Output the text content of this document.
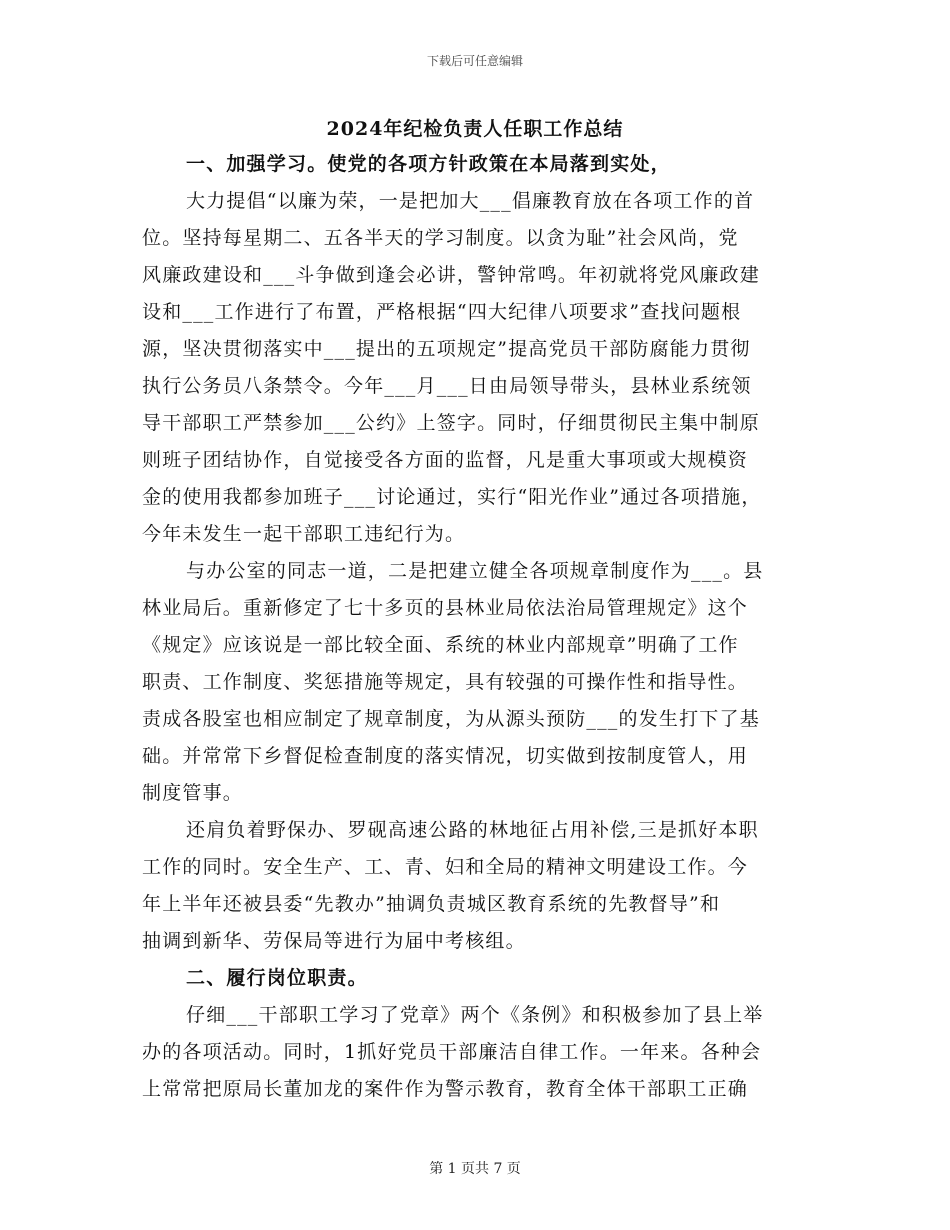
下载后可任意编辑
2024年纪检负责人任职工作总结
一、加强学习。使党的各项方针政策在本局落到实处，
大力提倡“以廉为荣，一是把加大___倡廉教育放在各项工作的首
位。坚持每星期二、五各半天的学习制度。以贪为耻”社会风尚，党
风廉政建设和___斗争做到逢会必讲，警钟常鸣。年初就将党风廉政建
设和___工作进行了布置，严格根据“四大纪律八项要求”查找问题根
源，坚决贯彻落实中___提出的五项规定”提高党员干部防腐能力贯彻
执行公务员八条禁令。今年___月___日由局领导带头，县林业系统领
导干部职工严禁参加___公约》上签字。同时，仔细贯彻民主集中制原
则班子团结协作，自觉接受各方面的监督，凡是重大事项或大规模资
金的使用我都参加班子___讨论通过，实行“阳光作业”通过各项措施，
今年未发生一起干部职工违纪行为。
与办公室的同志一道，二是把建立健全各项规章制度作为___。县
林业局后。重新修定了七十多页的县林业局依法治局管理规定》这个
《规定》应该说是一部比较全面、系统的林业内部规章”明确了工作
职责、工作制度、奖惩措施等规定，具有较强的可操作性和指导性。
责成各股室也相应制定了规章制度，为从源头预防___的发生打下了基
础。并常常下乡督促检查制度的落实情况，切实做到按制度管人，用
制度管事。
还肩负着野保办、罗砚高速公路的林地征占用补偿,三是抓好本职
工作的同时。安全生产、工、青、妇和全局的精神文明建设工作。今
年上半年还被县委“先教办”抽调负责城区教育系统的先教督导”和
抽调到新华、劳保局等进行为届中考核组。
二、履行岗位职责。
仔细___干部职工学习了党章》两个《条例》和积极参加了县上举
办的各项活动。同时，1抓好党员干部廉洁自律工作。一年来。各种会
上常常把原局长董加龙的案件作为警示教育，教育全体干部职工正确
第 1 页共 7 页
